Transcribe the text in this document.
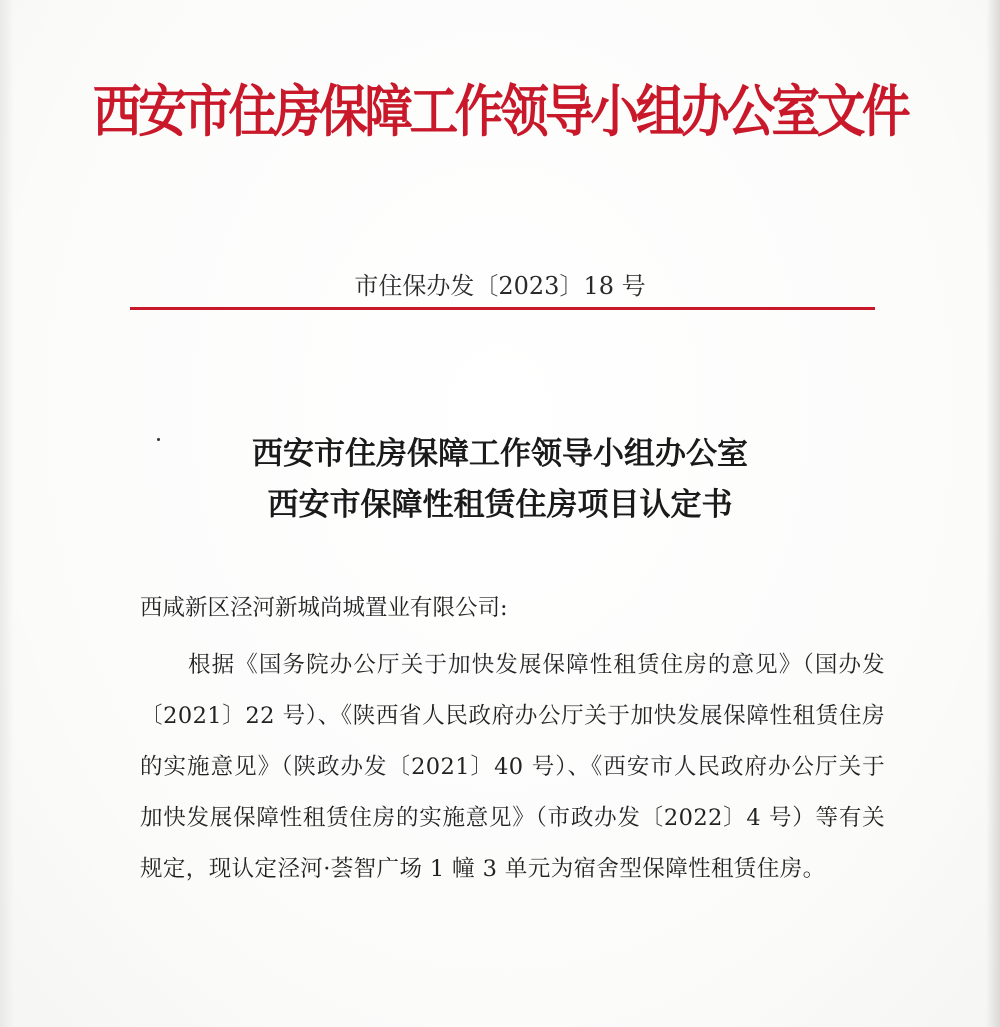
西安市住房保障工作领导小组办公室文件
市住保办发〔2023〕18 号
西安市住房保障工作领导小组办公室
西安市保障性租赁住房项目认定书
西咸新区泾河新城尚城置业有限公司:
根据《国务院办公厅关于加快发展保障性租赁住房的意见》（国办发〔2021〕22 号）、《陕西省人民政府办公厅关于加快发展保障性租赁住房的实施意见》（陕政办发〔2021〕40 号）、《西安市人民政府办公厅关于加快发展保障性租赁住房的实施意见》（市政办发〔2022〕4 号）等有关规定，现认定泾河·荟智广场 1 幢 3 单元为宿舍型保障性租赁住房。
